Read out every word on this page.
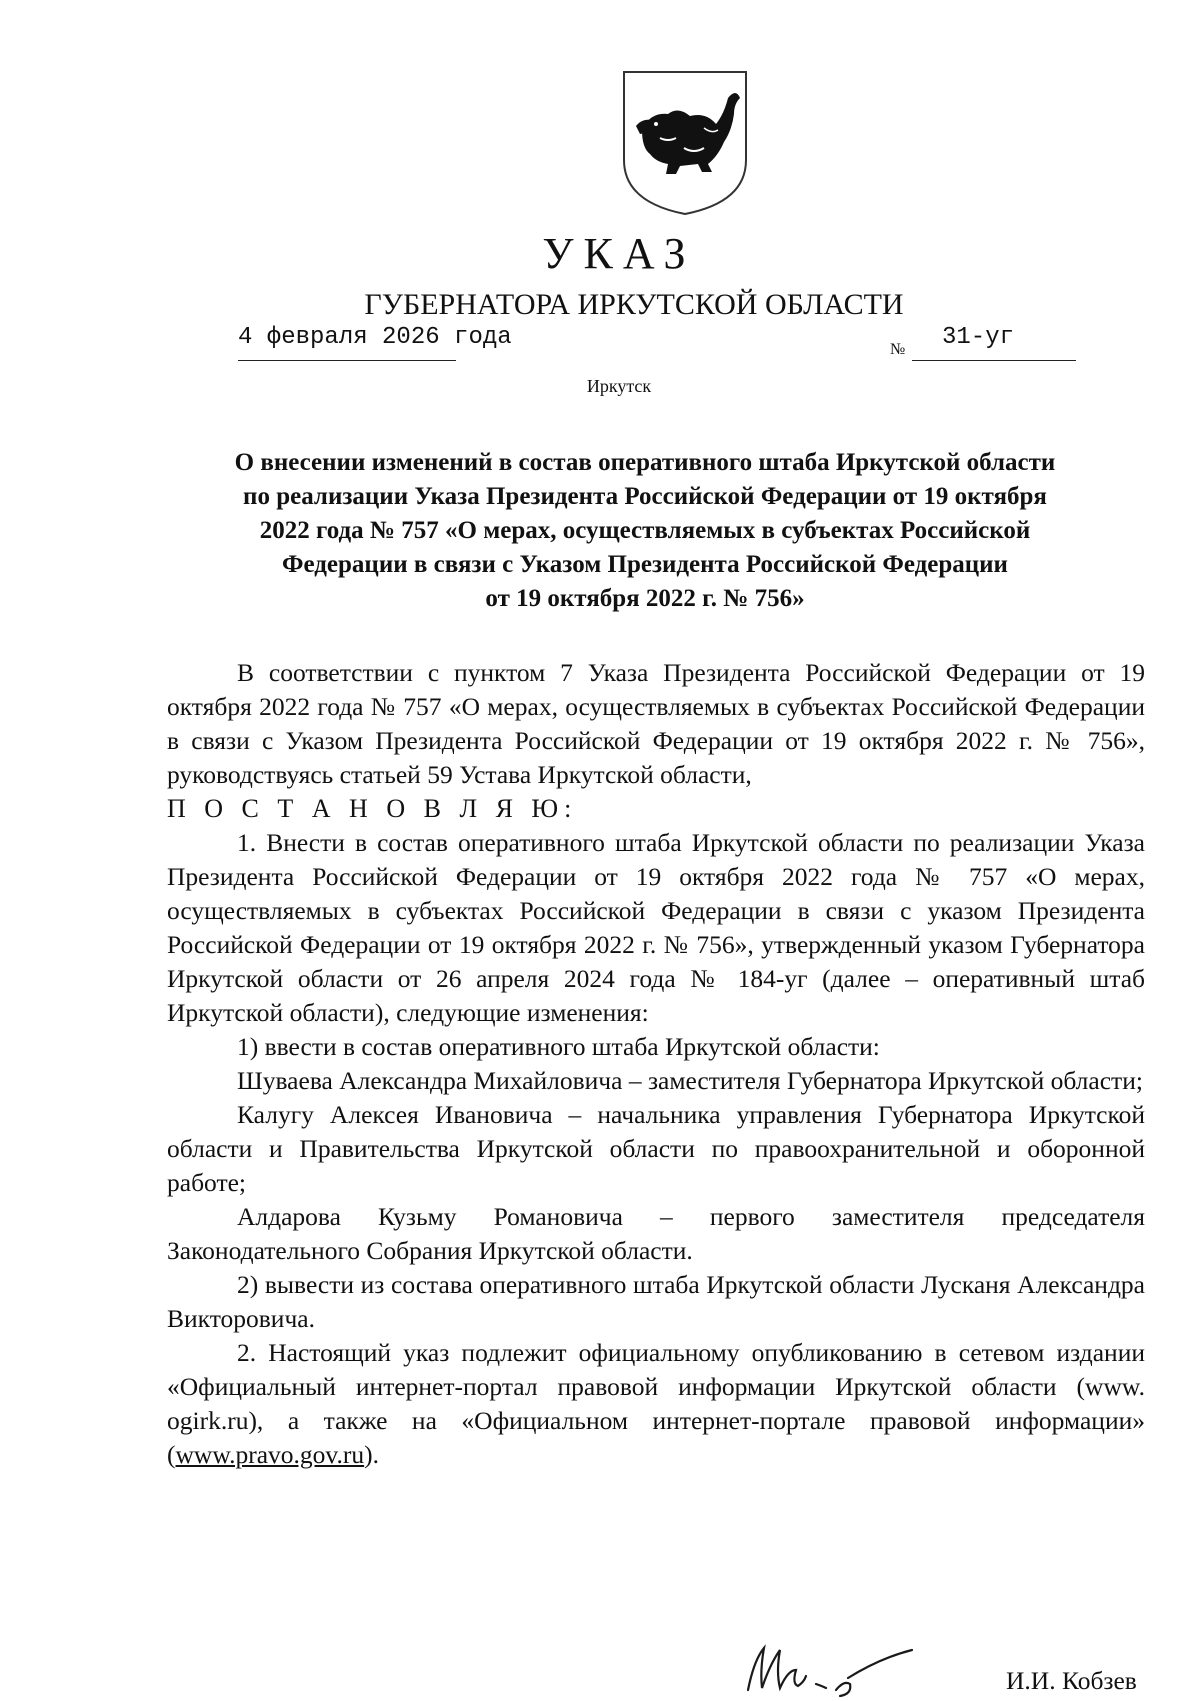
УКАЗ
ГУБЕРНАТОРА ИРКУТСКОЙ ОБЛАСТИ
4 февраля 2026 года	№ 31-уг
Иркутск
О внесении изменений в состав оперативного штаба Иркутской области
по реализации Указа Президента Российской Федерации от 19 октября
2022 года № 757 «О мерах, осуществляемых в субъектах Российской
Федерации в связи с Указом Президента Российской Федерации
от 19 октября 2022 г. № 756»

В соответствии с пунктом 7 Указа Президента Российской Федерации от 19 октября 2022 года № 757 «О мерах, осуществляемых в субъектах Российской Федерации в связи с Указом Президента Российской Федерации от 19 октября 2022 г. № 756», руководствуясь статьей 59 Устава Иркутской области,

П О С Т А Н О В Л Я Ю:

1. Внести в состав оперативного штаба Иркутской области по реализации Указа Президента Российской Федерации от 19 октября 2022 года № 757 «О мерах, осуществляемых в субъектах Российской Федерации в связи с указом Президента Российской Федерации от 19 октября 2022 г. № 756», утвержденный указом Губернатора Иркутской области от 26 апреля 2024 года № 184-уг (далее – оперативный штаб Иркутской области), следующие изменения:

1) ввести в состав оперативного штаба Иркутской области:

Шуваева Александра Михайловича – заместителя Губернатора Иркутской области;

Калугу Алексея Ивановича – начальника управления Губернатора Иркутской области и Правительства Иркутской области по правоохранительной и оборонной работе;

Алдарова Кузьму Романовича – первого заместителя председателя Законодательного Собрания Иркутской области.

2) вывести из состава оперативного штаба Иркутской области Лусканя Александра Викторовича.

2. Настоящий указ подлежит официальному опубликованию в сетевом издании «Официальный интернет-портал правовой информации Иркутской области (www. ogirk.ru), а также на «Официальном интернет-портале правовой информации» (www.pravo.gov.ru).

И.И. Кобзев
